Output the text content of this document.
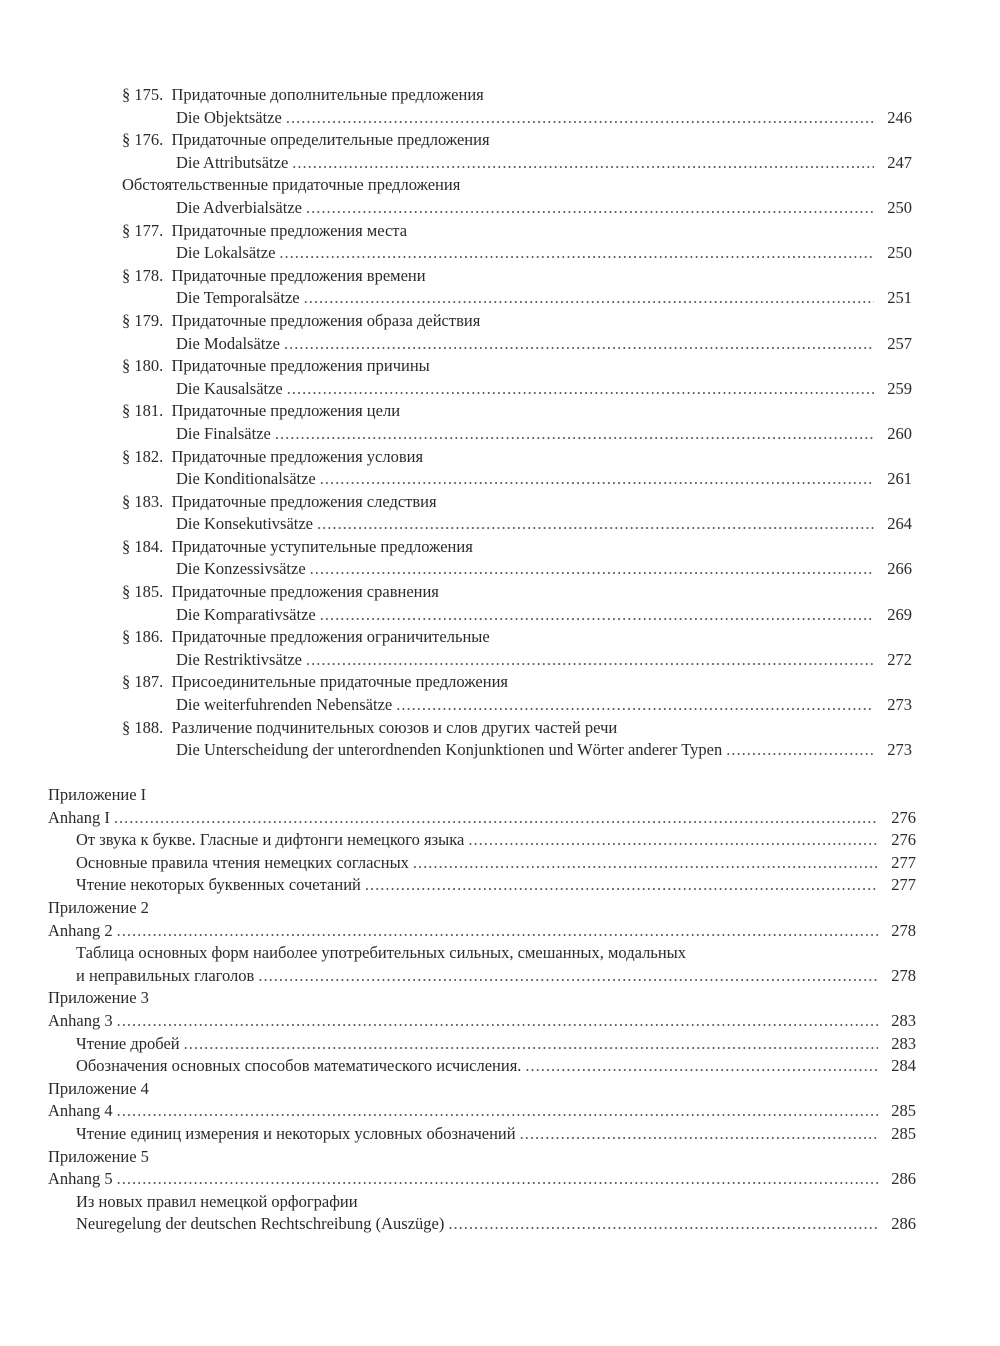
§ 175.  Придаточные дополнительные предложения
Die Objektsätze .....	246
§ 176.  Придаточные определительные предложения
Die Attributsätze .....	247
Обстоятельственные придаточные предложения
Die Adverbialsätze .....	250
§ 177.  Придаточные предложения места
Die Lokalsätze .....	250
§ 178.  Придаточные предложения времени
Die Temporalsätze .....	251
§ 179.  Придаточные предложения образа действия
Die Modalsätze .....	257
§ 180.  Придаточные предложения причины
Die Kausalsätze .....	259
§ 181.  Придаточные предложения цели
Die Finalsätze .....	260
§ 182.  Придаточные предложения условия
Die Konditionalsätze .....	261
§ 183.  Придаточные предложения следствия
Die Konsekutivsätze .....	264
§ 184.  Придаточные уступительные предложения
Die Konzessivsätze .....	266
§ 185.  Придаточные предложения сравнения
Die Komparativsätze .....	269
§ 186.  Придаточные предложения ограничительные
Die Restriktivsätze .....	272
§ 187.  Присоединительные придаточные предложения
Die weiterfuhrenden Nebensätze .....	273
§ 188.  Различение подчинительных союзов и слов других частей речи
Die Unterscheidung der unterordnenden Konjunktionen und Wörter anderer Typen .....	273
Приложение I
Anhang I .....	276
От звука к букве. Гласные и дифтонги немецкого языка .....	276
Основные правила чтения немецких согласных .....	277
Чтение некоторых буквенных сочетаний .....	277
Приложение 2
Anhang 2 .....	278
Таблица основных форм наиболее употребительных сильных, смешанных, модальных
и неправильных глаголов .....	278
Приложение 3
Anhang 3 .....	283
Чтение дробей .....	283
Обозначения основных способов математического исчисления. .....	284
Приложение 4
Anhang 4 .....	285
Чтение единиц измерения и некоторых условных обозначений .....	285
Приложение 5
Anhang 5 .....	286
Из новых правил немецкой орфографии
Neuregelung der deutschen Rechtschreibung (Auszüge) .....	286
